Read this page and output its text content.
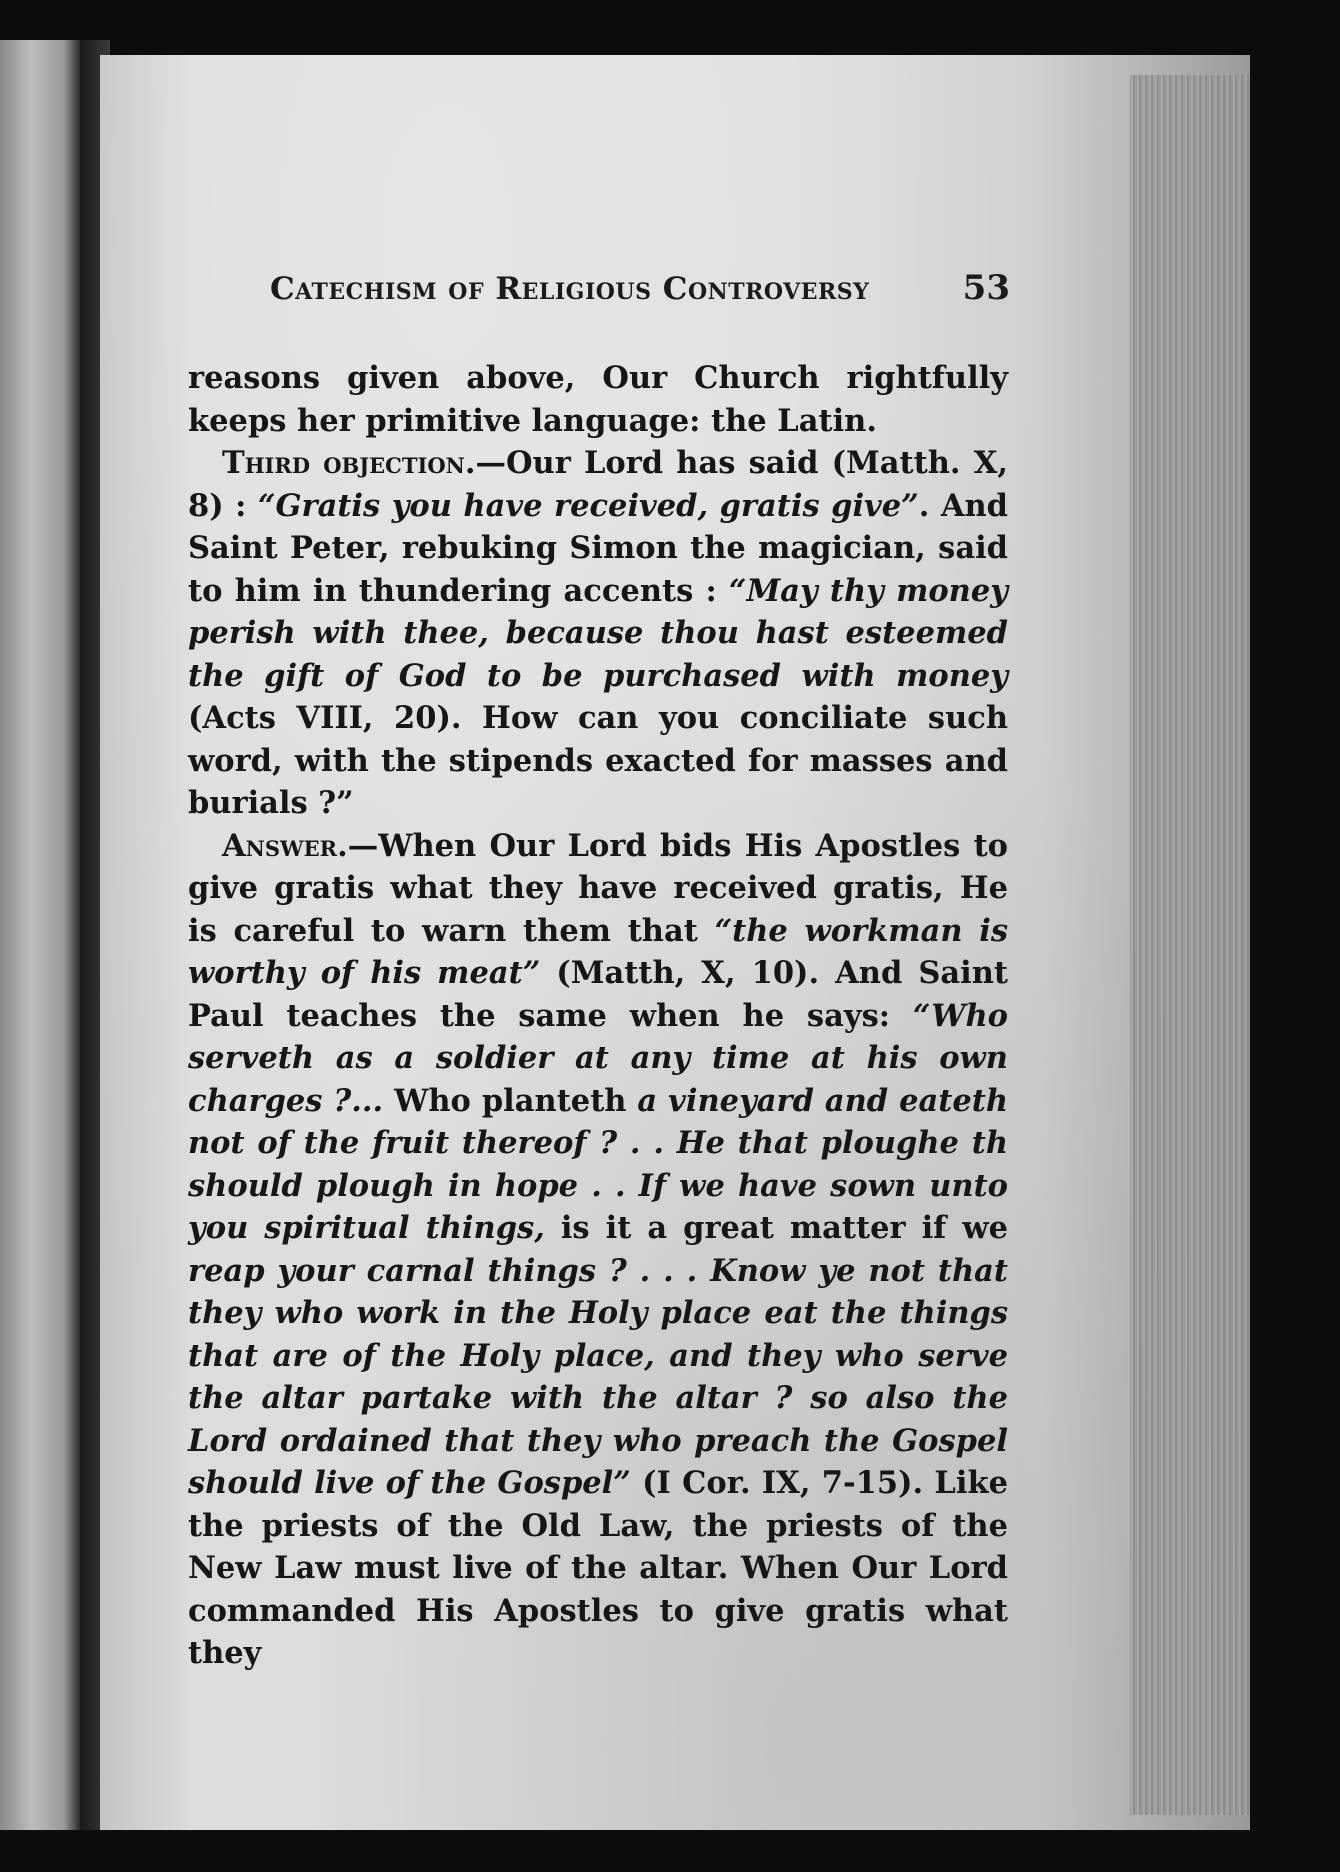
Catechism of Religious Controversy	53

reasons given above, Our Church rightfully keeps her primitive language: the Latin.

Third objection.—Our Lord has said (Matth. X, 8) : “Gratis you have received, gratis give”. And Saint Peter, rebuking Simon the magician, said to him in thundering accents : “May thy money perish with thee, because thou hast esteemed the gift of God to be purchased with money (Acts VIII, 20). How can you conciliate such word, with the stipends exacted for masses and burials ?”

Answer.—When Our Lord bids His Apostles to give gratis what they have received gratis, He is careful to warn them that “the workman is worthy of his meat” (Matth, X, 10). And Saint Paul teaches the same when he says: “Who serveth as a soldier at any time at his own charges ?... Who planteth a vineyard and eateth not of the fruit thereof ? . . He that ploughe th should plough in hope . . If we have sown unto you spiritual things, is it a great matter if we reap your carnal things ? . . . Know ye not that they who work in the Holy place eat the things that are of the Holy place, and they who serve the altar partake with the altar ? so also the Lord ordained that they who preach the Gospel should live of the Gospel” (I Cor. IX, 7-15). Like the priests of the Old Law, the priests of the New Law must live of the altar. When Our Lord commanded His Apostles to give gratis what they
